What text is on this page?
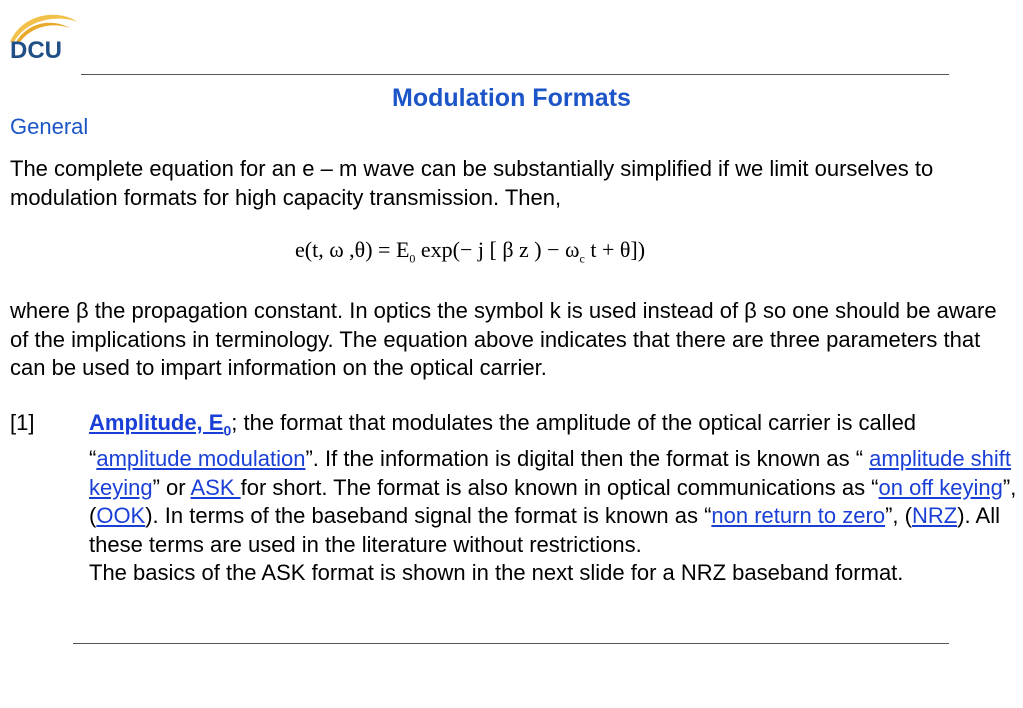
DCU
Modulation Formats
General
The complete equation for an e – m wave can be substantially simplified if we limit ourselves to modulation formats for high capacity transmission. Then,
e(t, ω $,\theta) = E_0$ exp(− j [ β z ) − $\omega_c$ t + θ])
where β the propagation constant. In optics the symbol k is used instead of β so one should be aware of the implications in terminology. The equation above indicates that there are three parameters that can be used to impart information on the optical carrier.
[1] Amplitude, $E_0$; the format that modulates the amplitude of the optical carrier is called “amplitude modulation”. If the information is digital then the format is known as “ amplitude shift keying” or ASK for short. The format is also known in optical communications as “on off keying”, (OOK). In terms of the baseband signal the format is known as “non return to zero”, (NRZ). All these terms are used in the literature without restrictions.
The basics of the ASK format is shown in the next slide for a NRZ baseband format.
